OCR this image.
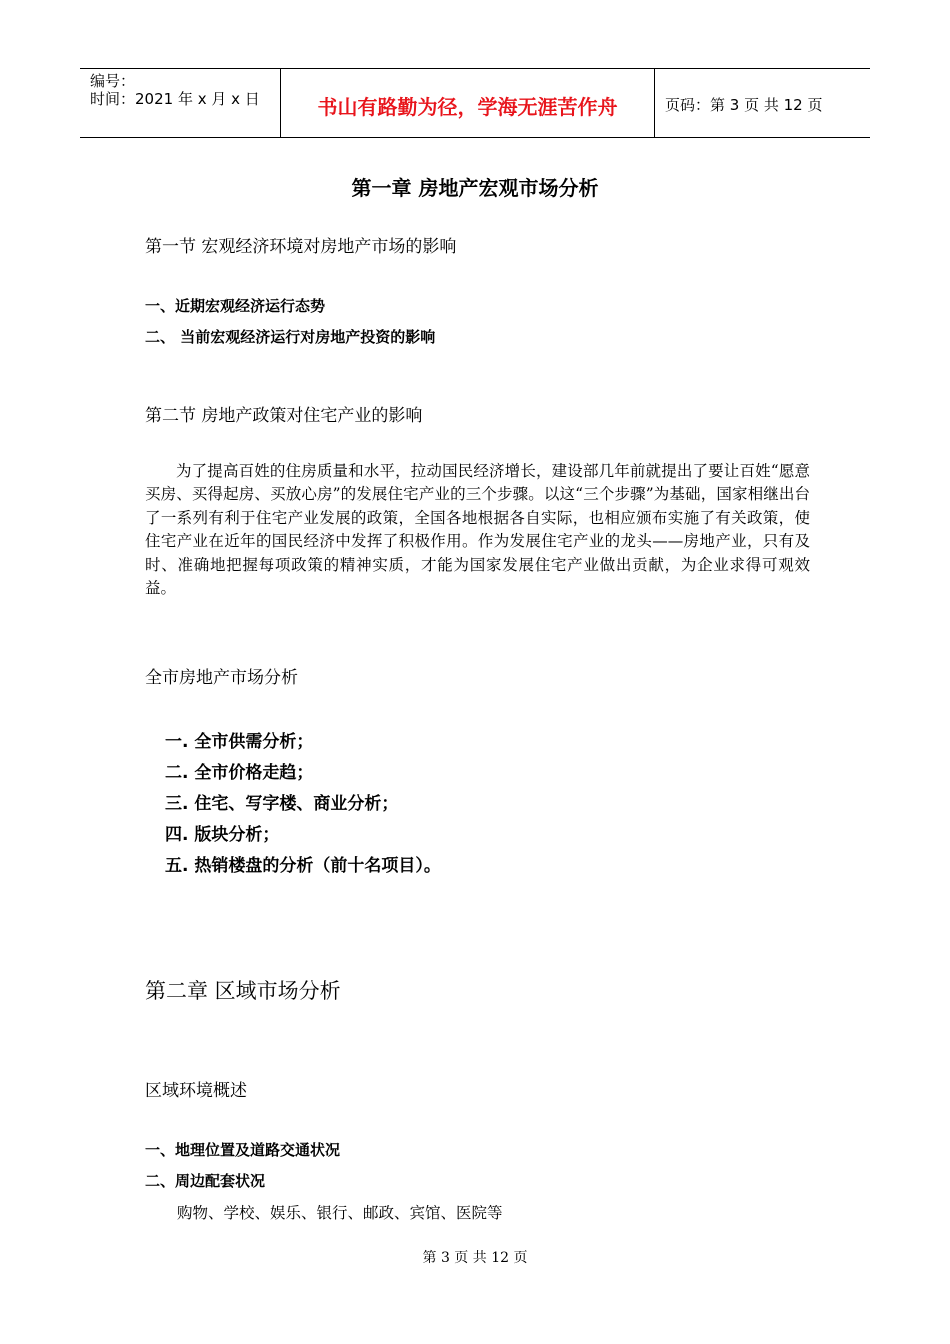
编号：
时间：2021 年 x 月 x 日	书山有路勤为径，学海无涯苦作舟	页码：第 3 页 共 12 页
第一章 房地产宏观市场分析
第一节 宏观经济环境对房地产市场的影响
一、近期宏观经济运行态势
二、 当前宏观经济运行对房地产投资的影响
第二节 房地产政策对住宅产业的影响
为了提高百姓的住房质量和水平，拉动国民经济增长，建设部几年前就提出了要让百姓“愿意买房、买得起房、买放心房”的发展住宅产业的三个步骤。以这“三个步骤”为基础，国家相继出台了一系列有利于住宅产业发展的政策，全国各地根据各自实际，也相应颁布实施了有关政策，使住宅产业在近年的国民经济中发挥了积极作用。作为发展住宅产业的龙头——房地产业，只有及时、准确地把握每项政策的精神实质，才能为国家发展住宅产业做出贡献，为企业求得可观效益。
全市房地产市场分析
一. 全市供需分析；
二. 全市价格走趋；
三. 住宅、写字楼、商业分析；
四. 版块分析；
五. 热销楼盘的分析（前十名项目）。
第二章 区域市场分析
区域环境概述
一、地理位置及道路交通状况
二、周边配套状况
购物、学校、娱乐、银行、邮政、宾馆、医院等
第 3 页 共 12 页
